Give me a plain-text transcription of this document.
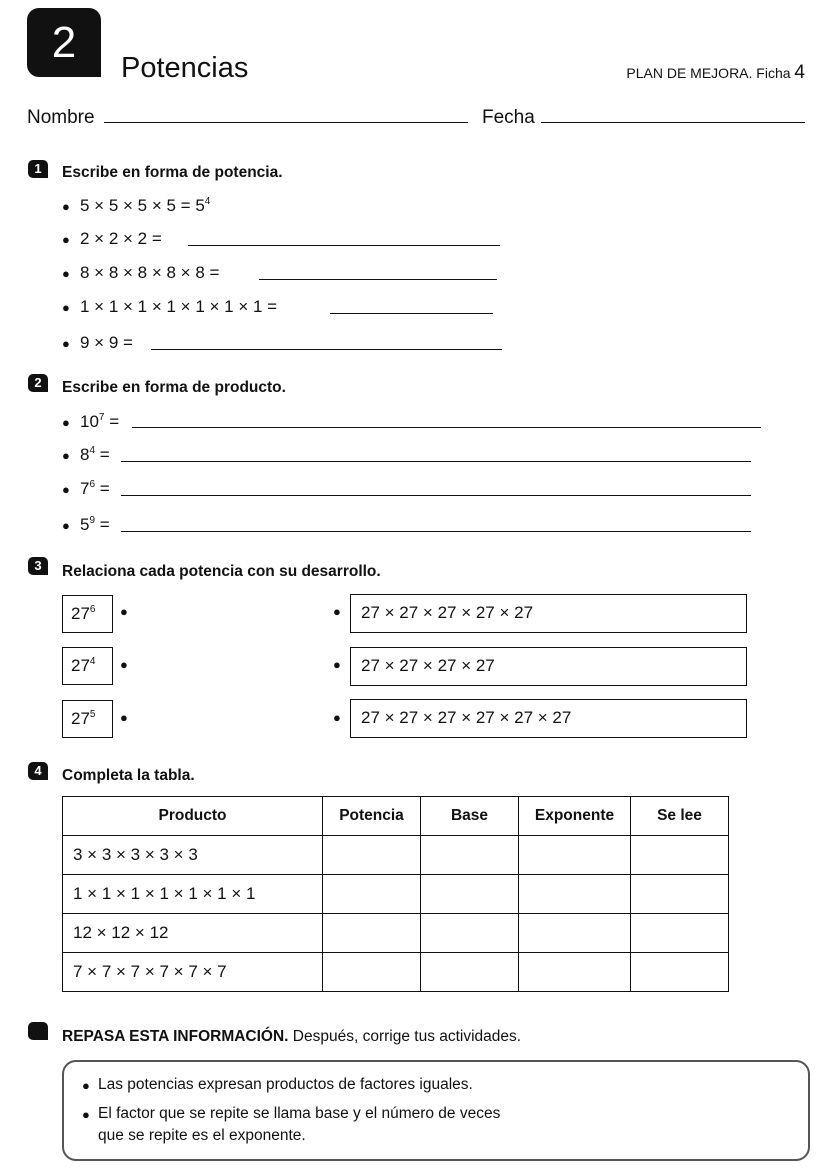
2
Potencias	PLAN DE MEJORA. Ficha 4
Nombre	Fecha
1	Escribe en forma de potencia.
● $5 \times 5 \times 5 \times 5 = 5^4$
● 2 × 2 × 2 =
● 8 × 8 × 8 × 8 × 8 =
● 1 × 1 × 1 × 1 × 1 × 1 × 1 =
● 9 × 9 =
2	Escribe en forma de producto.
● $10^7$ =
● $8^4$ =
● $7^6$ =
● $5^9$ =
3	Relaciona cada potencia con su desarrollo.
$27^6$	●	●	27 × 27 × 27 × 27 × 27
$27^4$	●	●	27 × 27 × 27 × 27
$27^5$	●	●	27 × 27 × 27 × 27 × 27 × 27
4	Completa la tabla.
Producto	Potencia	Base	Exponente	Se lee
3 × 3 × 3 × 3 × 3				
1 × 1 × 1 × 1 × 1 × 1 × 1				
12 × 12 × 12				
7 × 7 × 7 × 7 × 7 × 7				
REPASA ESTA INFORMACIÓN. Después, corrige tus actividades.
● Las potencias expresan productos de factores iguales.
● El factor que se repite se llama base y el número de veces
que se repite es el exponente.
